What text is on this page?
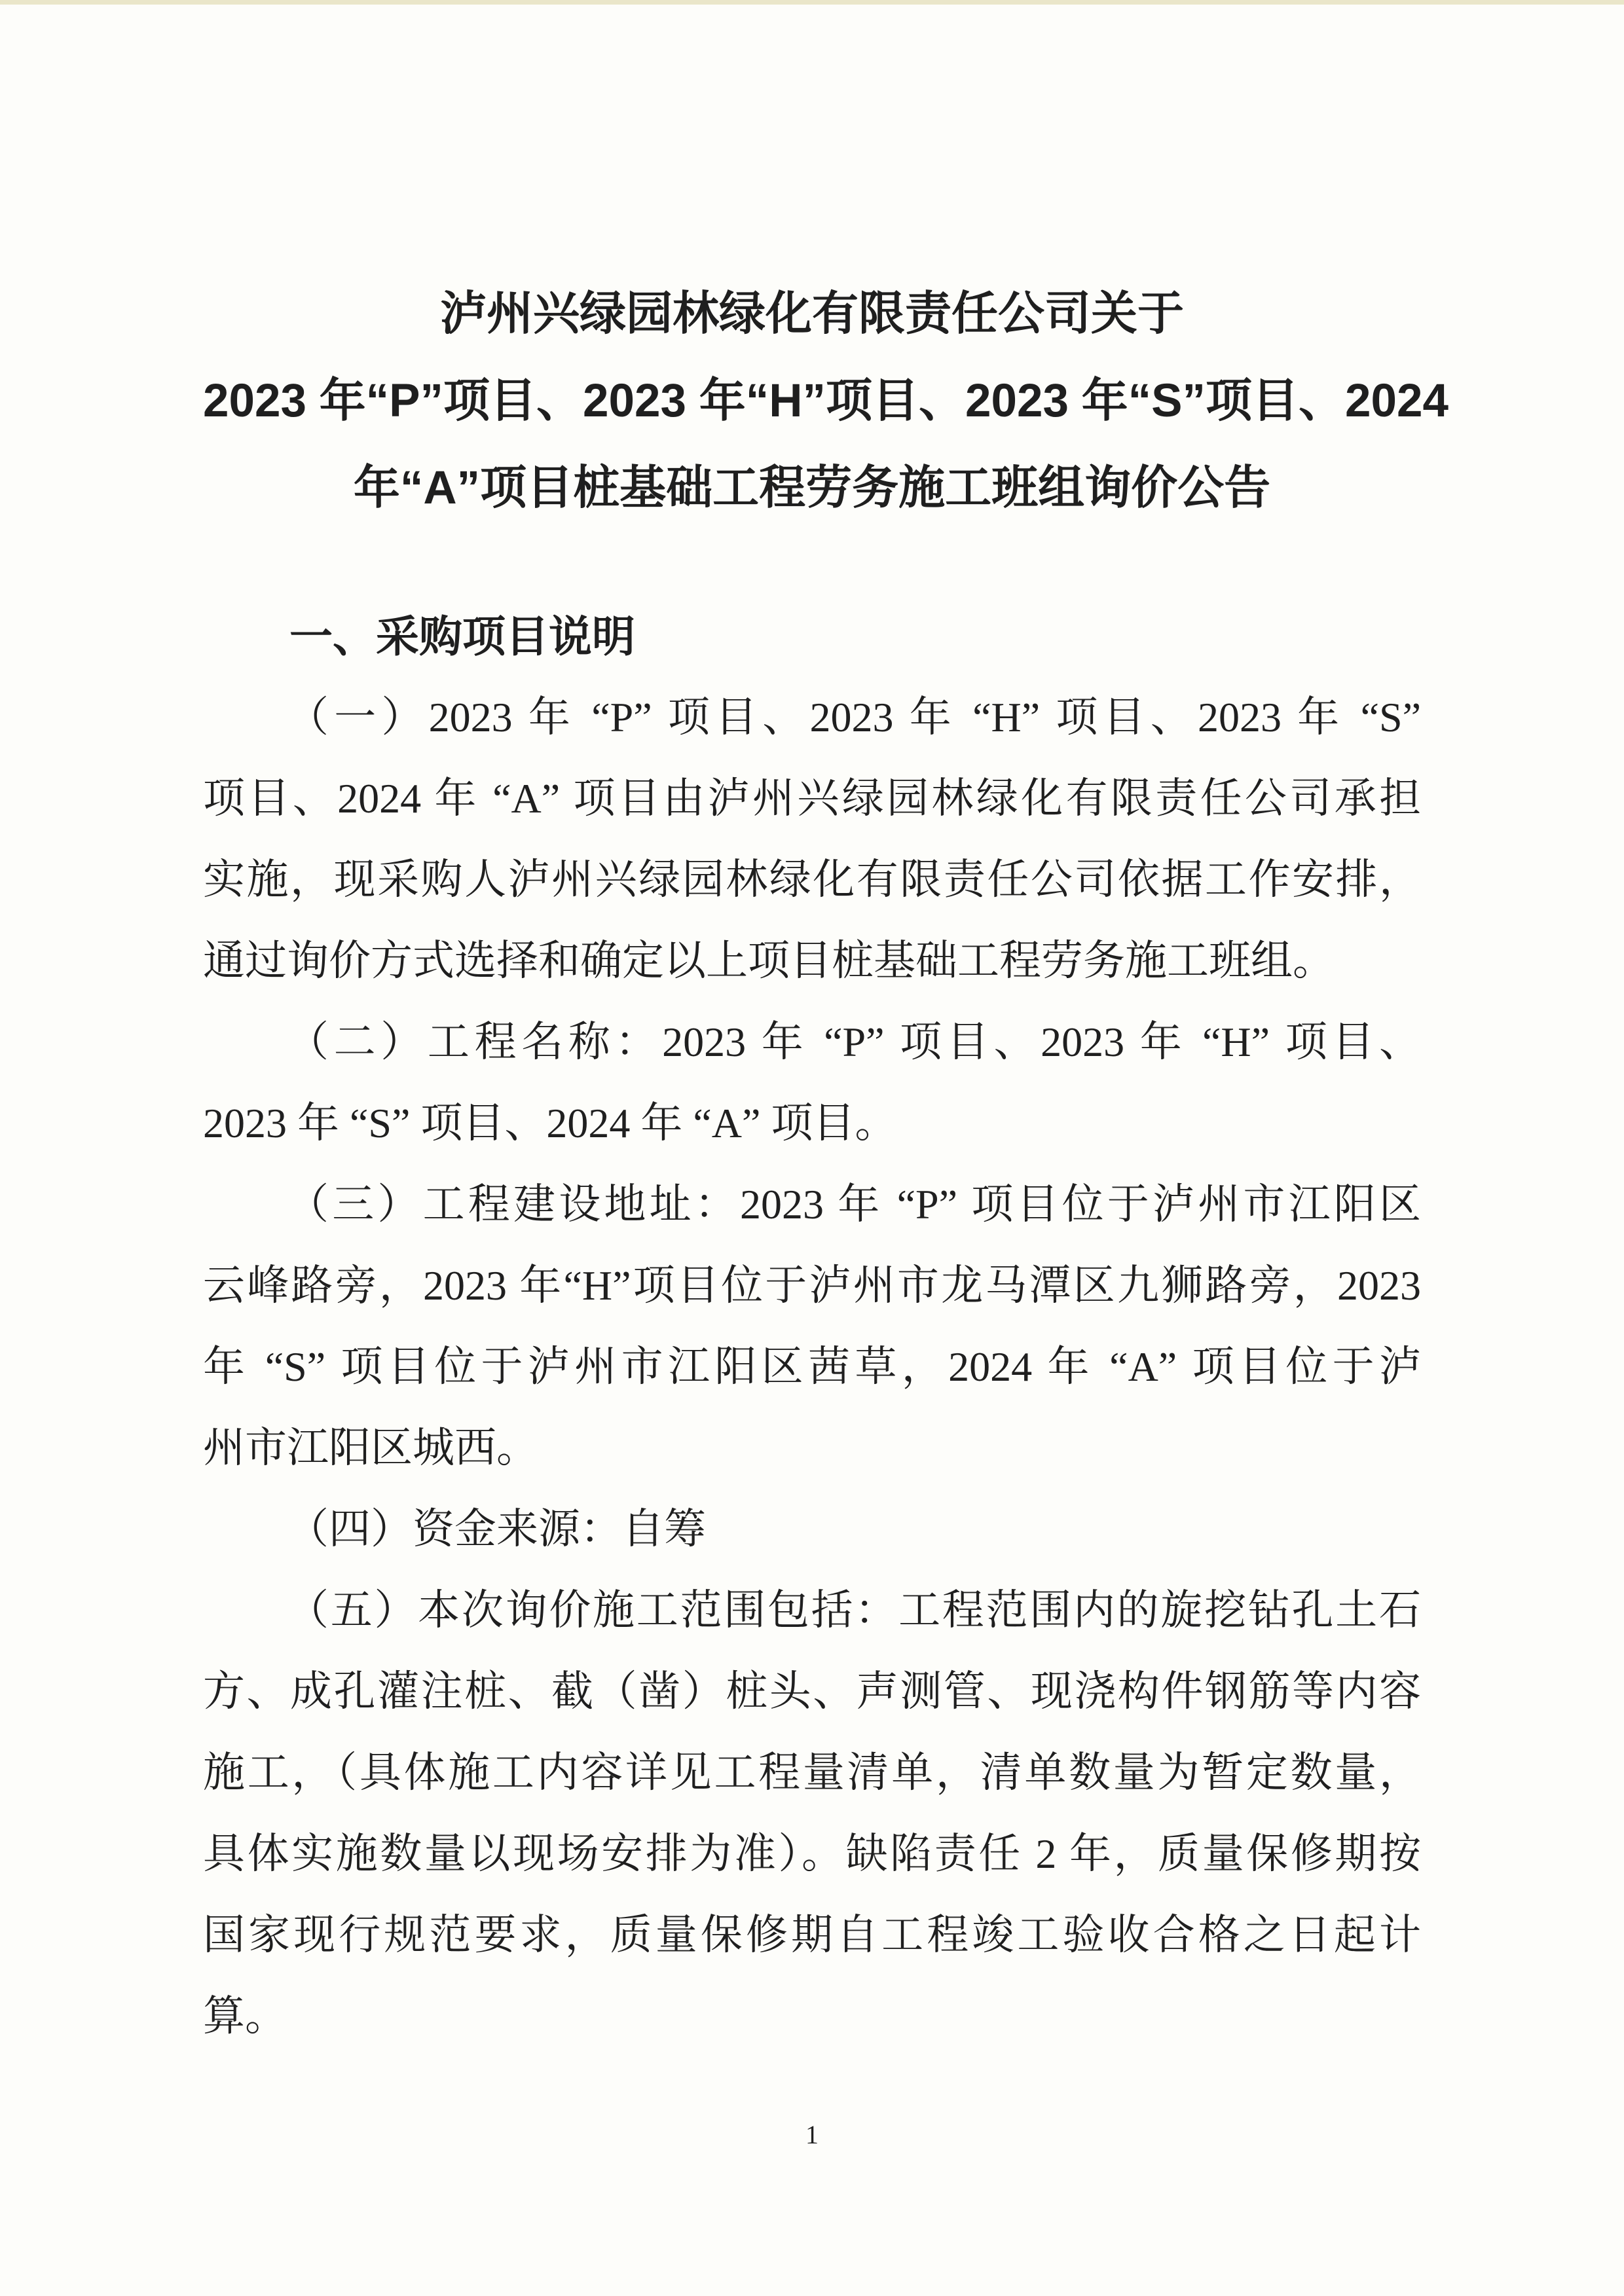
泸州兴绿园林绿化有限责任公司关于
2023 年“P”项目、2023 年“H”项目、2023 年“S”项目、2024
年“A”项目桩基础工程劳务施工班组询价公告
一、采购项目说明
（一）2023 年 “P” 项目、2023 年 “H” 项目、2023 年 “S”
项目、2024 年 “A” 项目由泸州兴绿园林绿化有限责任公司承担
实施，现采购人泸州兴绿园林绿化有限责任公司依据工作安排，
通过询价方式选择和确定以上项目桩基础工程劳务施工班组。
（二）工程名称：2023 年 “P” 项目、2023 年 “H” 项目、
2023 年 “S” 项目、2024 年 “A” 项目。
（三）工程建设地址：2023 年 “P” 项目位于泸州市江阳区
云峰路旁，2023 年“H”项目位于泸州市龙马潭区九狮路旁，2023
年 “S” 项目位于泸州市江阳区茜草，2024 年 “A” 项目位于泸
州市江阳区城西。
（四）资金来源：自筹
（五）本次询价施工范围包括：工程范围内的旋挖钻孔土石
方、成孔灌注桩、截（凿）桩头、声测管、现浇构件钢筋等内容
施工，（具体施工内容详见工程量清单，清单数量为暂定数量，
具体实施数量以现场安排为准）。缺陷责任 2 年，质量保修期按
国家现行规范要求，质量保修期自工程竣工验收合格之日起计
算。
1
